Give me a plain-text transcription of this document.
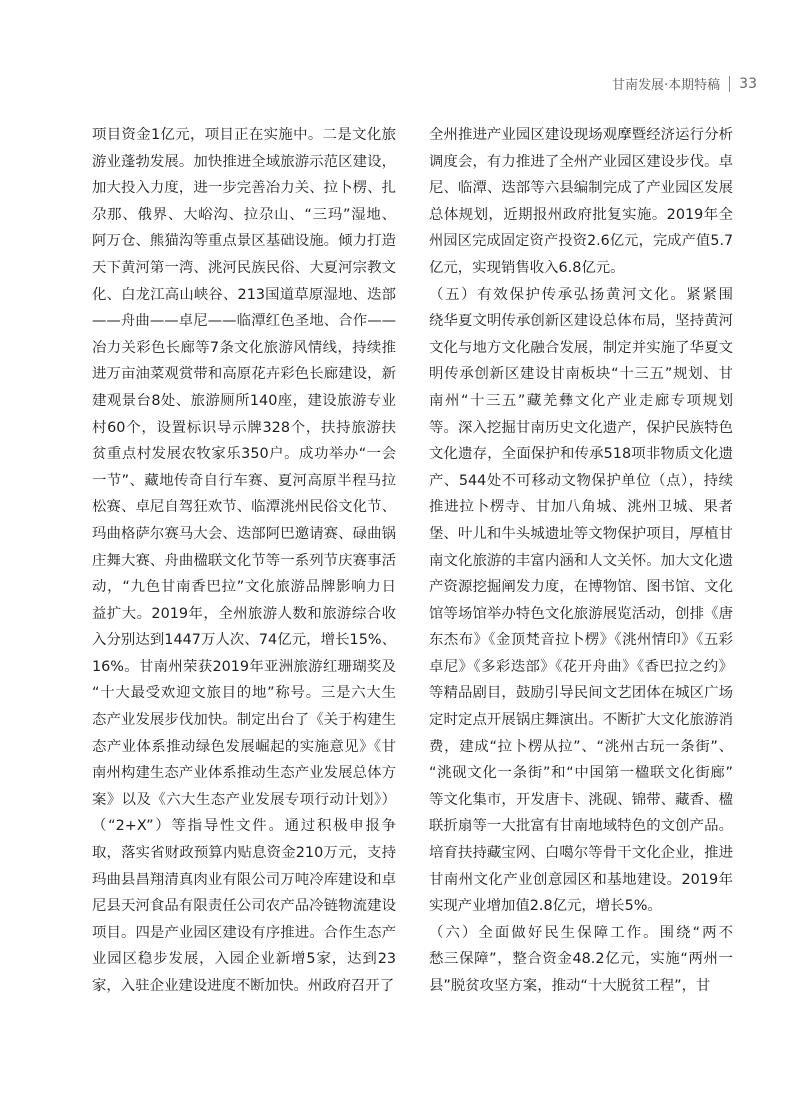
甘南发展·本期特稿 33
项目资金1亿元，项目正在实施中。二是文化旅
游业蓬勃发展。加快推进全域旅游示范区建设，
加大投入力度，进一步完善冶力关、拉卜楞、扎
尕那、俄界、大峪沟、拉尕山、“三玛”湿地、
阿万仓、熊猫沟等重点景区基础设施。倾力打造
天下黄河第一湾、洮河民族民俗、大夏河宗教文
化、白龙江高山峡谷、213国道草原湿地、迭部
——舟曲——卓尼——临潭红色圣地、合作——
冶力关彩色长廊等7条文化旅游风情线，持续推
进万亩油菜观赏带和高原花卉彩色长廊建设，新
建观景台8处、旅游厕所140座，建设旅游专业
村60个，设置标识导示牌328个，扶持旅游扶
贫重点村发展农牧家乐350户。成功举办“一会
一节”、藏地传奇自行车赛、夏河高原半程马拉
松赛、卓尼自驾狂欢节、临潭洮州民俗文化节、
玛曲格萨尔赛马大会、迭部阿巴邀请赛、碌曲锅
庄舞大赛、舟曲楹联文化节等一系列节庆赛事活
动，“九色甘南香巴拉”文化旅游品牌影响力日
益扩大。2019年，全州旅游人数和旅游综合收
入分别达到1447万人次、74亿元，增长15%、
16%。甘南州荣获2019年亚洲旅游红珊瑚奖及
“十大最受欢迎文旅目的地”称号。三是六大生
态产业发展步伐加快。制定出台了《关于构建生
态产业体系推动绿色发展崛起的实施意见》《甘
南州构建生态产业体系推动生态产业发展总体方
案》以及《六大生态产业发展专项行动计划》）
（“2+X”）等指导性文件。通过积极申报争
取，落实省财政预算内贴息资金210万元，支持
玛曲县昌翔清真肉业有限公司万吨冷库建设和卓
尼县天河食品有限责任公司农产品冷链物流建设
项目。四是产业园区建设有序推进。合作生态产
业园区稳步发展，入园企业新增5家，达到23
家，入驻企业建设进度不断加快。州政府召开了
全州推进产业园区建设现场观摩暨经济运行分析
调度会，有力推进了全州产业园区建设步伐。卓
尼、临潭、迭部等六县编制完成了产业园区发展
总体规划，近期报州政府批复实施。2019年全
州园区完成固定资产投资2.6亿元，完成产值5.7
亿元，实现销售收入6.8亿元。
（五）有效保护传承弘扬黄河文化。紧紧围
绕华夏文明传承创新区建设总体布局，坚持黄河
文化与地方文化融合发展，制定并实施了华夏文
明传承创新区建设甘南板块“十三五”规划、甘
南州“十三五”藏羌彝文化产业走廊专项规划
等。深入挖掘甘南历史文化遗产，保护民族特色
文化遗存，全面保护和传承518项非物质文化遗
产、544处不可移动文物保护单位（点），持续
推进拉卜楞寺、甘加八角城、洮州卫城、果者
堡、叶儿和牛头城遗址等文物保护项目，厚植甘
南文化旅游的丰富内涵和人文关怀。加大文化遗
产资源挖掘阐发力度，在博物馆、图书馆、文化
馆等场馆举办特色文化旅游展览活动，创排《唐
东杰布》《金顶梵音拉卜楞》《洮州情印》《五彩
卓尼》《多彩迭部》《花开舟曲》《香巴拉之约》
等精品剧目，鼓励引导民间文艺团体在城区广场
定时定点开展锅庄舞演出。不断扩大文化旅游消
费，建成“拉卜楞从拉”、“洮州古玩一条街”、
“洮砚文化一条街”和“中国第一楹联文化街廊”
等文化集市，开发唐卡、洮砚、锦带、藏香、楹
联折扇等一大批富有甘南地域特色的文创产品。
培育扶持藏宝网、白噶尔等骨干文化企业，推进
甘南州文化产业创意园区和基地建设。2019年
实现产业增加值2.8亿元，增长5%。
（六）全面做好民生保障工作。围绕“两不
愁三保障”，整合资金48.2亿元，实施“两州一
县”脱贫攻坚方案，推动“十大脱贫工程”，甘
